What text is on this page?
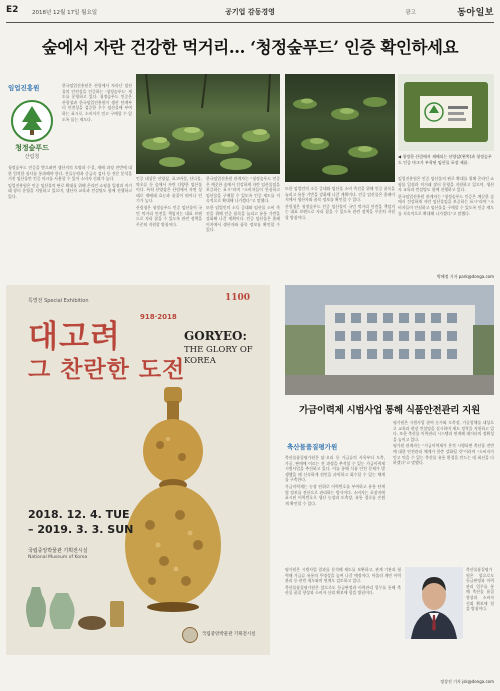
E2 2018년 12월 17일 월요일	공기업 감동경영	광고	동아일보
숲에서 자란 건강한 먹거리… ‘청정숲푸드’ 인증 확인하세요
임업진흥원
청정숲푸드
산림청

한국임업진흥원은 산림에서 자라난 임산물의 안전성을 인증하는 ‘청정숲푸드’ 제도를 운영하고 있다. 청정숲푸드 인증은 산림청과 한국임업진흥원이 생산 단계부터 안전성을 검증한 우수 임산물에 부여하는 표시로, 소비자가 믿고 구매할 수 있도록 돕는 제도다.

청정숲푸드 인증을 받으려면 생산지의 토양과 수질, 재배 과정 전반에 대한 엄격한 심사를 통과해야 한다. 잔류농약과 중금속 검사 등 전문 분석을 거친 임산물만 인증 마크를 사용할 수 있어 소비자 신뢰가 높다.

임업진흥원은 인증 임산물의 판로 확대를 위해 온라인 쇼핑몰 입점과 직거래 장터 운영을 지원하고 있으며, 생산자 교육과 컨설팅도 함께 진행하고 있다.

인증 대상은 산양삼, 표고버섯, 산나물, 약초류 등 숲에서 자란 다양한 임산물이다. 특히 산양삼은 산림에서 자연 상태로 재배돼 효능과 품질이 뛰어나 인기가 높다.

산림청은 청정숲푸드 인증 임산물이 국민 먹거리 안전을 책임지는 대표 브랜드로 자리 잡을 수 있도록 관련 정책을 꾸준히 지원할 방침이다.

한국임업진흥원 관계자는 “청정숲푸드 인증은 깨끗한 숲에서 건강하게 자란 임산물임을 보증하는 표시”라며 “소비자들이 안심하고 임산물을 구매할 수 있도록 인증 제도를 지속적으로 확대해 나가겠다”고 말했다.

또한 임업인의 소득 증대와 임산물 소비 촉진을 위해 인증 품목을 늘리고 유통 기반을 강화해 나갈 계획이다. 인증 임산물은 홈페이지에서 생산자와 품목 정보를 확인할 수 있다.

◀ 청정한 산림에서 재배되는 산양삼(왼쪽)과 청정숲푸드 인증 마크가 부착된 임산물 포장 제품.

임업진흥원은 인증 임산물의 판로 확대를 위해 온라인 쇼핑몰 입점과 직거래 장터 운영을 지원하고 있으며, 생산자 교육과 컨설팅도 함께 진행하고 있다.

한국임업진흥원 관계자는 “청정숲푸드 인증은 깨끗한 숲에서 건강하게 자란 임산물임을 보증하는 표시”라며 “소비자들이 안심하고 임산물을 구매할 수 있도록 인증 제도를 지속적으로 확대해 나가겠다”고 말했다.

또한 임업인의 소득 증대와 임산물 소비 촉진을 위해 인증 품목을 늘리고 유통 기반을 강화해 나갈 계획이다. 인증 임산물은 홈페이지에서 생산자와 품목 정보를 확인할 수 있다.

산림청은 청정숲푸드 인증 임산물이 국민 먹거리 안전을 책임지는 대표 브랜드로 자리 잡을 수 있도록 관련 정책을 꾸준히 지원할 방침이다.

박혜정 기자 park@donga.com
특별전 Special Exhibition	1100
대고려
918·2018
그 찬란한 도전
GORYEO:
THE GLORY OF KOREA
2018. 12. 4. TUE – 2019. 3. 3. SUN
국립중앙박물관 기획전시실
National Museum of Korea
국립중앙박물관 기획전시실
가금이력제 시범사업 통해 식품안전관리 지원
축산물품질평가원

축산물품질평가원은 닭·오리 등 가금류의 사육부터 도축, 가공, 판매에 이르는 전 과정을 추적할 수 있는 가금이력제 시범사업을 추진하고 있다. 이를 통해 식품 안전 문제가 발생했을 때 신속하게 원인을 파악하고 회수할 수 있는 체계를 구축한다.

가금이력제는 농장 단위로 이력번호를 부여하고 유통 단계별 정보를 전산으로 관리하는 방식이다. 소비자는 포장지에 표시된 이력번호로 생산 농장과 도축장, 유통 경로를 손쉽게 확인할 수 있다.

평가원은 시범사업 참여 농가와 도축장, 가공업체를 대상으로 교육과 현장 컨설팅을 실시하며 제도 정착을 지원하고 있다. 또한 축산물 이력관리 시스템과 연계해 데이터의 정확성을 높이고 있다.

평가원 관계자는 “가금이력제가 본격 시행되면 축산물 전반에 대한 안전관리 체계가 한층 강화될 것”이라며 “소비자가 믿고 먹을 수 있는 축산물 유통 환경을 만드는 데 최선을 다하겠다”고 말했다.

평가원은 시범사업 결과를 분석해 제도를 보완하고, 관계 기관과 협력해 가금류 유통의 투명성을 높여 나갈 예정이다. 아울러 계란 이력 관리 등 관련 제도와의 연계도 검토하고 있다.

축산물품질평가원은 앞으로도 등급판정과 이력관리 업무를 통해 축산물 품질 향상과 소비자 신뢰 확보에 힘쓸 방침이다.

축산물품질평가원은 앞으로도 등급판정과 이력관리 업무를 통해 축산물 품질 향상과 소비자 신뢰 확보에 힘쓸 방침이다.

정상진 기자 jsk@donga.com
